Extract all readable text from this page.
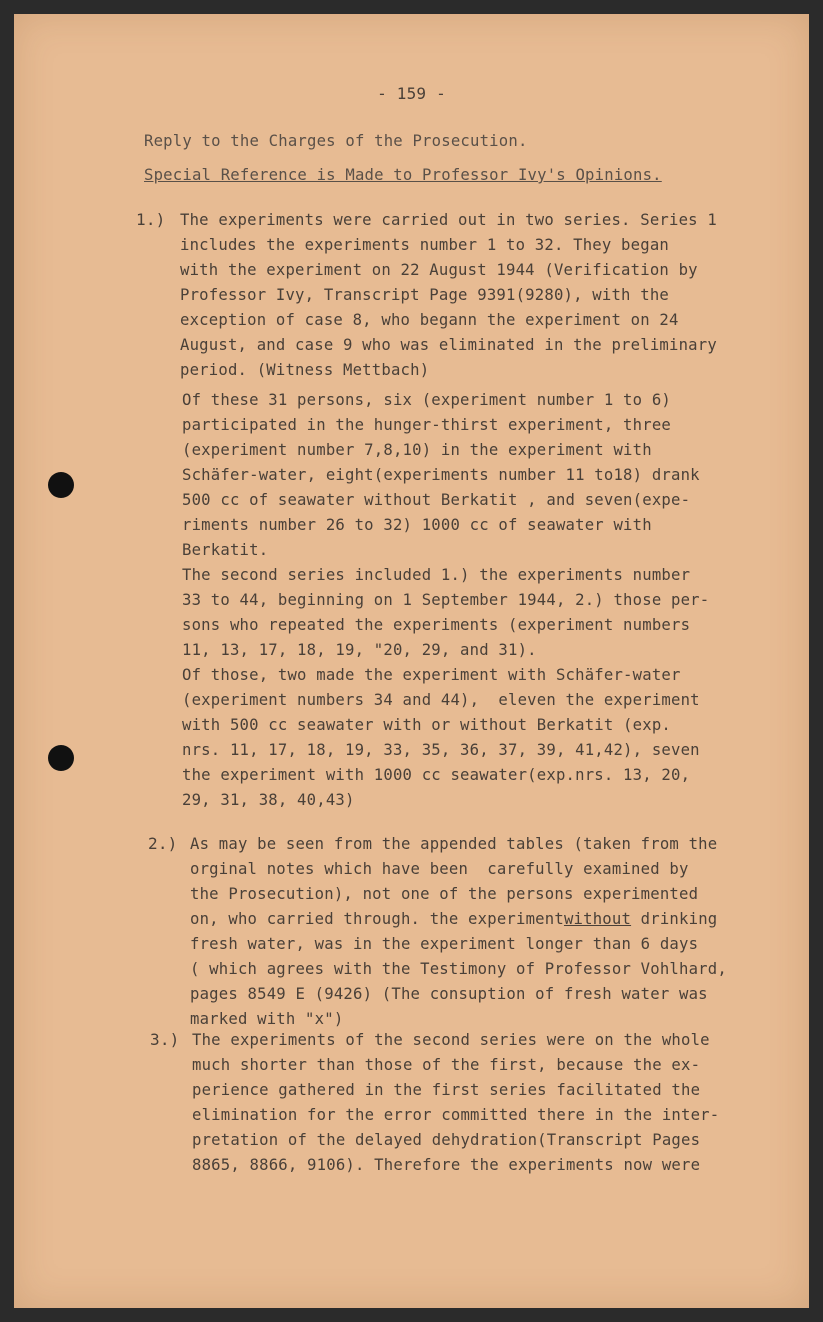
- 159 -
Reply to the Charges of the Prosecution.
Special Reference is Made to Professor Ivy's Opinions.
1.) The experiments were carried out in two series. Series 1
includes the experiments number 1 to 32. They began
with the experiment on 22 August 1944 (Verification by
Professor Ivy, Transcript Page 9391(9280), with the
exception of case 8, who begann the experiment on 24
August, and case 9 who was eliminated in the preliminary
period. (Witness Mettbach)
Of these 31 persons, six (experiment number 1 to 6)
participated in the hunger-thirst experiment, three
(experiment number 7,8,10) in the experiment with
Schäfer-water, eight(experiments number 11 to18) drank
500 cc of seawater without Berkatit , and seven(expe-
riments number 26 to 32) 1000 cc of seawater with
Berkatit.
The second series included 1.) the experiments number
33 to 44, beginning on 1 September 1944, 2.) those per-
sons who repeated the experiments (experiment numbers
11, 13, 17, 18, 19, "20, 29, and 31).
Of those, two made the experiment with Schäfer-water
(experiment numbers 34 and 44),  eleven the experiment
with 500 cc seawater with or without Berkatit (exp.
nrs. 11, 17, 18, 19, 33, 35, 36, 37, 39, 41,42), seven
the experiment with 1000 cc seawater(exp.nrs. 13, 20,
29, 31, 38, 40,43)
2.) As may be seen from the appended tables (taken from the
orginal notes which have been  carefully examined by
the Prosecution), not one of the persons experimented
on, who carried through. the experimentwithout drinking
fresh water, was in the experiment longer than 6 days
( which agrees with the Testimony of Professor Vohlhard,
pages 8549 E (9426) (The consuption of fresh water was
marked with "x")
3.) The experiments of the second series were on the whole
much shorter than those of the first, because the ex-
perience gathered in the first series facilitated the
elimination for the error committed there in the inter-
pretation of the delayed dehydration(Transcript Pages
8865, 8866, 9106). Therefore the experiments now were
